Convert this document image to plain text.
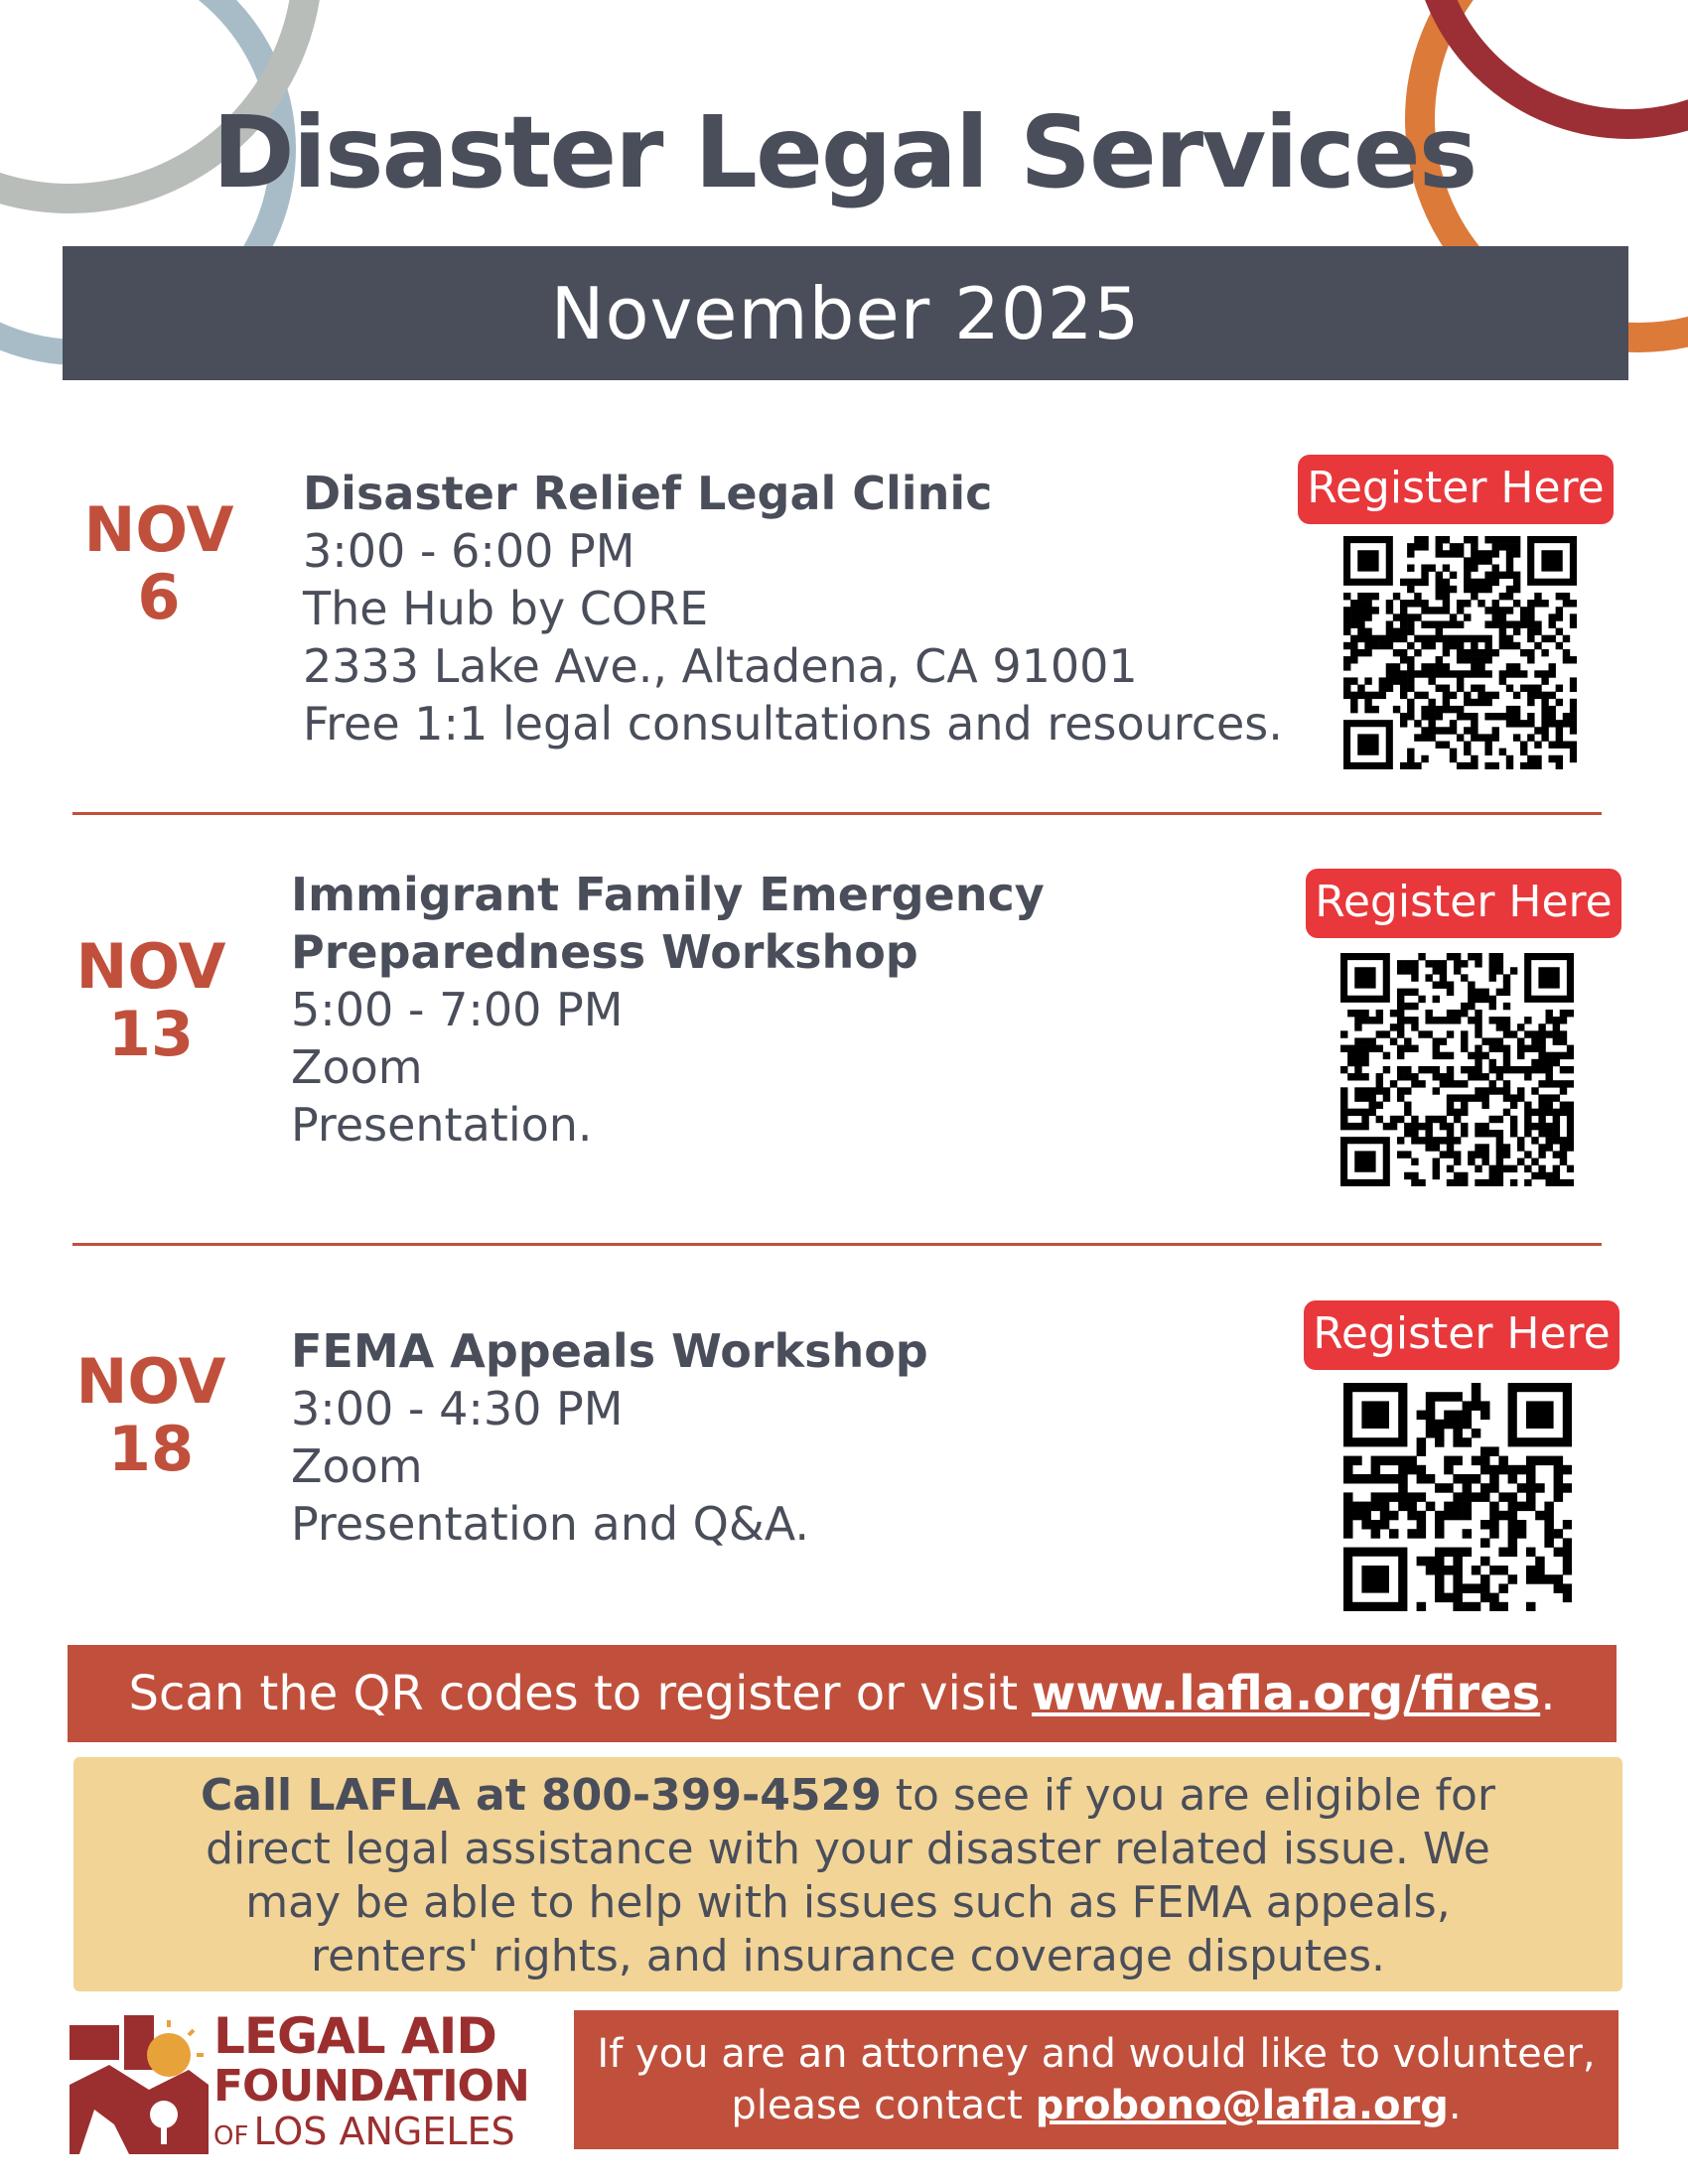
Disaster Legal Services
November 2025
NOV
6
Disaster Relief Legal Clinic
3:00 - 6:00 PM
The Hub by CORE
2333 Lake Ave., Altadena, CA 91001
Free 1:1 legal consultations and resources.
Register Here
NOV
13
Immigrant Family Emergency
Preparedness Workshop
5:00 - 7:00 PM
Zoom
Presentation.
Register Here
NOV
18
FEMA Appeals Workshop
3:00 - 4:30 PM
Zoom
Presentation and Q&A.
Register Here
Scan the QR codes to register or visit www.lafla.org/fires .
Call LAFLA at 800-399-4529 to see if you are eligible for
direct legal assistance with your disaster related issue. We
may be able to help with issues such as FEMA appeals,
renters' rights, and insurance coverage disputes.
LEGAL AID
FOUNDATION
OF LOS ANGELES
If you are an attorney and would like to volunteer,
please contact probono@lafla.org.
